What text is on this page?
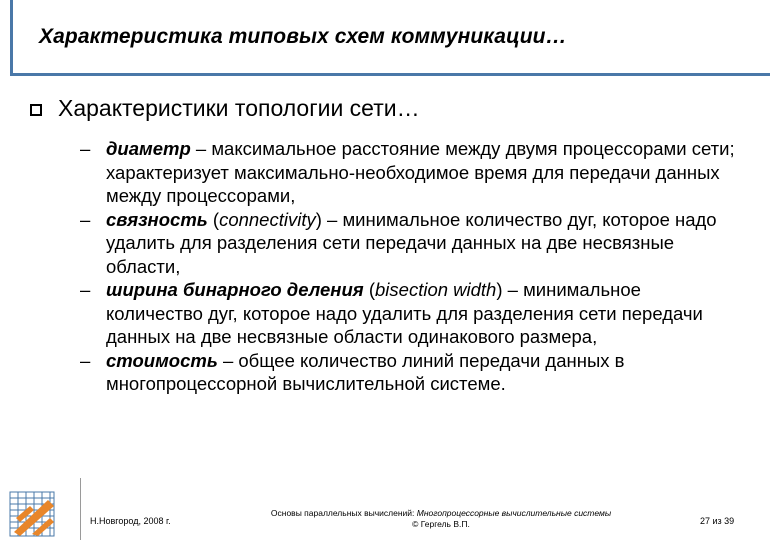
Характеристика типовых схем коммуникации…
Характеристики топологии сети…
– диаметр – максимальное расстояние между двумя процессорами сети; характеризует максимально-необходимое время для передачи данных между процессорами,
– связность (connectivity) – минимальное количество дуг, которое надо удалить для разделения сети передачи данных на две несвязные области,
– ширина бинарного деления (bisection width) – минимальное количество дуг, которое надо удалить для разделения сети передачи данных на две несвязные области одинакового размера,
– стоимость – общее количество линий передачи данных в многопроцессорной вычислительной системе.
Н.Новгород, 2008 г.
Основы параллельных вычислений: Многопроцессорные вычислительные системы
© Гергель В.П.	27 из 39
